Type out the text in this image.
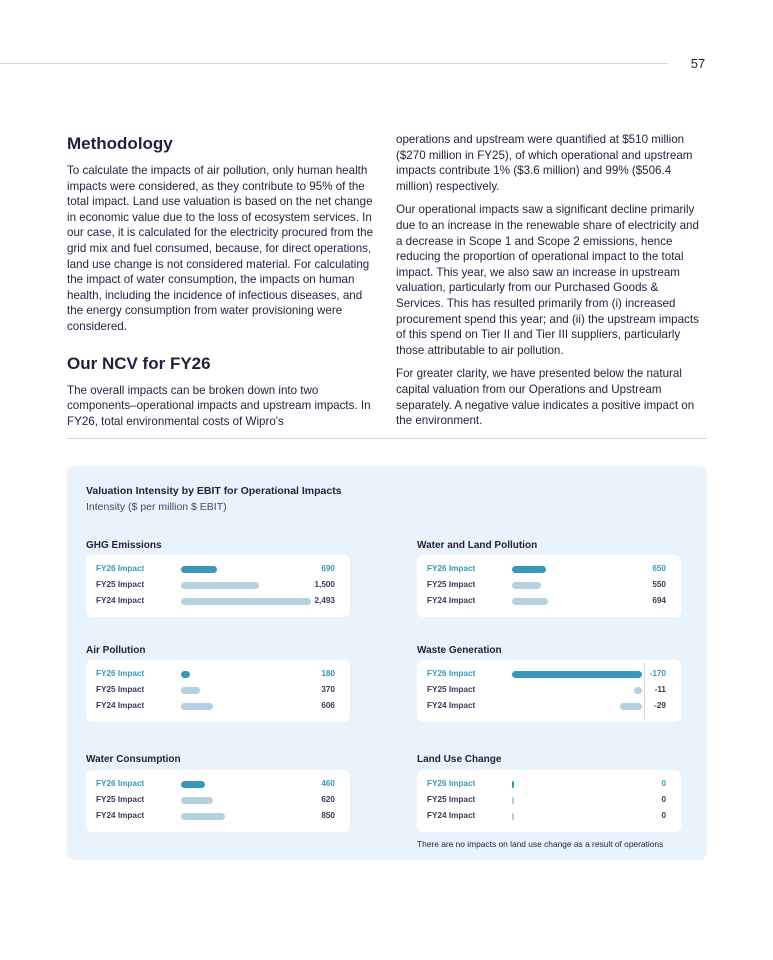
57
Methodology

To calculate the impacts of air pollution, only human health impacts were considered, as they contribute to 95% of the total impact. Land use valuation is based on the net change in economic value due to the loss of ecosystem services. In our case, it is calculated for the electricity procured from the grid mix and fuel consumed, because, for direct operations, land use change is not considered material. For calculating the impact of water consumption, the impacts on human health, including the incidence of infectious diseases, and the energy consumption from water provisioning were considered.

Our NCV for FY26

The overall impacts can be broken down into two components–operational impacts and upstream impacts. In FY26, total environmental costs of Wipro's

operations and upstream were quantified at $510 million ($270 million in FY25), of which operational and upstream impacts contribute 1% ($3.6 million) and 99% ($506.4 million) respectively.

Our operational impacts saw a significant decline primarily due to an increase in the renewable share of electricity and a decrease in Scope 1 and Scope 2 emissions, hence reducing the proportion of operational impact to the total impact. This year, we also saw an increase in upstream valuation, particularly from our Purchased Goods & Services. This has resulted primarily from (i) increased procurement spend this year; and (ii) the upstream impacts of this spend on Tier II and Tier III suppliers, particularly those attributable to air pollution.

For greater clarity, we have presented below the natural capital valuation from our Operations and Upstream separately. A negative value indicates a positive impact on the environment.

Valuation Intensity by EBIT for Operational Impacts
Intensity ($ per million $ EBIT)
There are no impacts on land use change as a result of operations
GHG Emissions
FY26 Impact	690
FY25 Impact	1,500
FY24 Impact	2,493
Water and Land Pollution
FY26 Impact	650
FY25 Impact	550
FY24 Impact	694
Air Pollution
FY26 Impact	180
FY25 Impact	370
FY24 Impact	606
Waste Generation
FY26 Impact	-170
FY25 Impact	-11
FY24 Impact	-29
Water Consumption
FY26 Impact	460
FY25 Impact	620
FY24 Impact	850
Land Use Change
FY26 Impact	0
FY25 Impact	0
FY24 Impact	0
